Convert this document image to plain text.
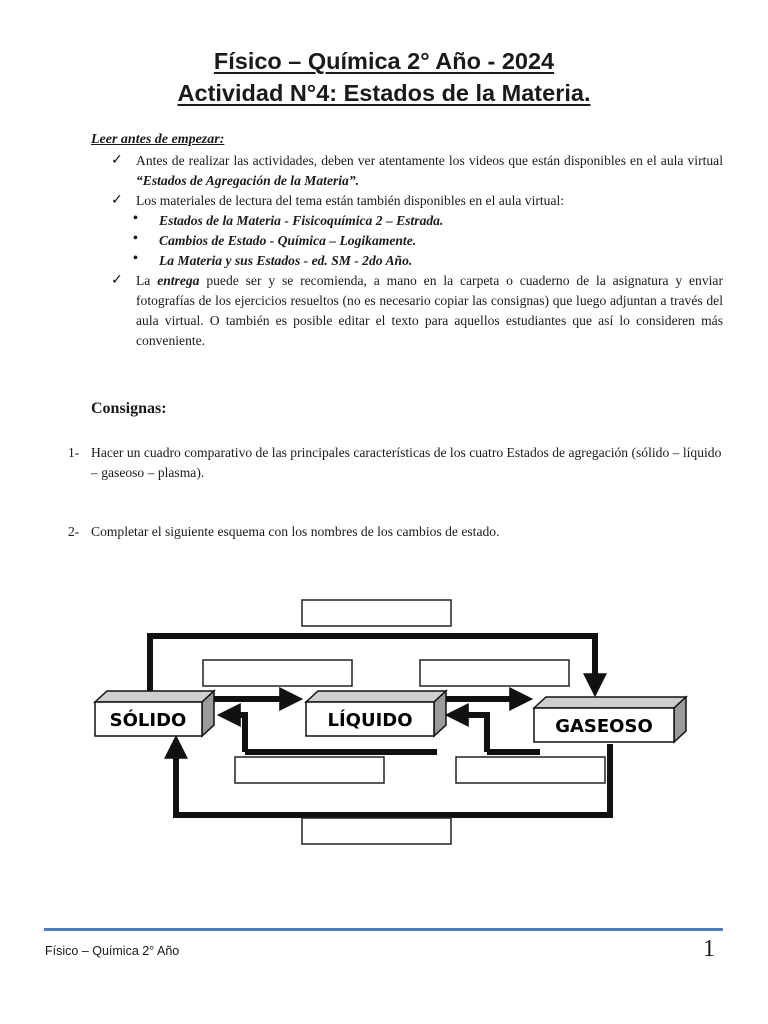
Físico – Química 2° Año - 2024
Actividad N°4: Estados de la Materia.
Leer antes de empezar:
✓ Antes de realizar las actividades, deben ver atentamente los videos que están disponibles en el aula virtual “Estados de Agregación de la Materia”.
✓ Los materiales de lectura del tema están también disponibles en el aula virtual:
• Estados de la Materia - Fisicoquímica 2 – Estrada.
• Cambios de Estado - Química – Logikamente.
• La Materia y sus Estados - ed. SM - 2do Año.
✓ La entrega puede ser y se recomienda, a mano en la carpeta o cuaderno de la asignatura y enviar fotografías de los ejercicios resueltos (no es necesario copiar las consignas) que luego adjuntan a través del aula virtual. O también es posible editar el texto para aquellos estudiantes que así lo consideren más conveniente.
Consignas:
1- Hacer un cuadro comparativo de las principales características de los cuatro Estados de agregación (sólido – líquido – gaseoso – plasma).
2- Completar el siguiente esquema con los nombres de los cambios de estado.
SÓLIDO	LÍQUIDO	GASEOSO
Físico – Química 2° Año	1
